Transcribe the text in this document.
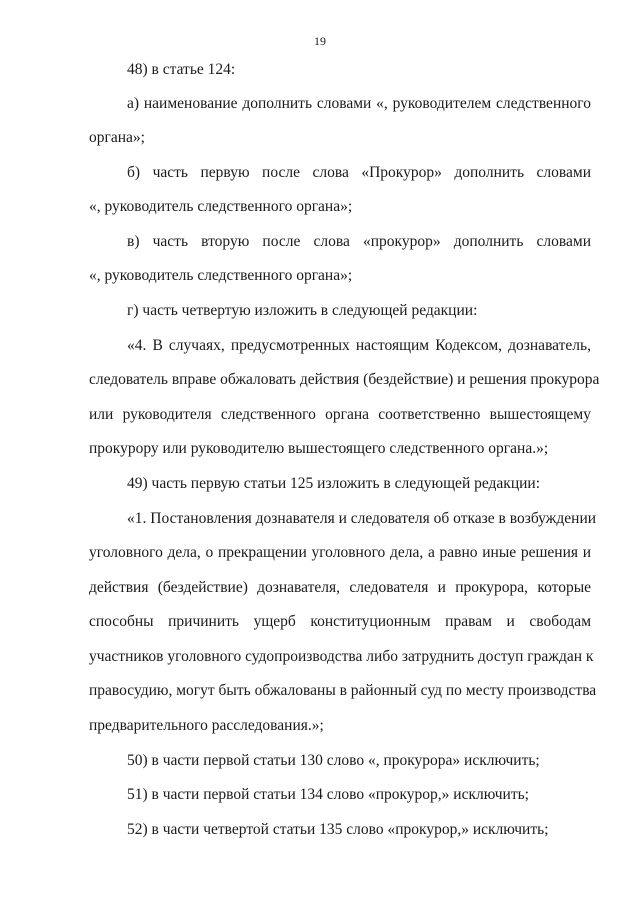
19
48) в статье 124:
а) наименование дополнить словами «, руководителем следственного
органа»;
б) часть первую после слова «Прокурор» дополнить словами
«, руководитель следственного органа»;
в) часть вторую после слова «прокурор» дополнить словами
«, руководитель следственного органа»;
г) часть четвертую изложить в следующей редакции:
«4. В случаях, предусмотренных настоящим Кодексом, дознаватель,
следователь вправе обжаловать действия (бездействие) и решения прокурора
или руководителя следственного органа соответственно вышестоящему
прокурору или руководителю вышестоящего следственного органа.»;
49) часть первую статьи 125 изложить в следующей редакции:
«1. Постановления дознавателя и следователя об отказе в возбуждении
уголовного дела, о прекращении уголовного дела, а равно иные решения и
действия (бездействие) дознавателя, следователя и прокурора, которые
способны причинить ущерб конституционным правам и свободам
участников уголовного судопроизводства либо затруднить доступ граждан к
правосудию, могут быть обжалованы в районный суд по месту производства
предварительного расследования.»;
50) в части первой статьи 130 слово «, прокурора» исключить;
51) в части первой статьи 134 слово «прокурор,» исключить;
52) в части четвертой статьи 135 слово «прокурор,» исключить;
